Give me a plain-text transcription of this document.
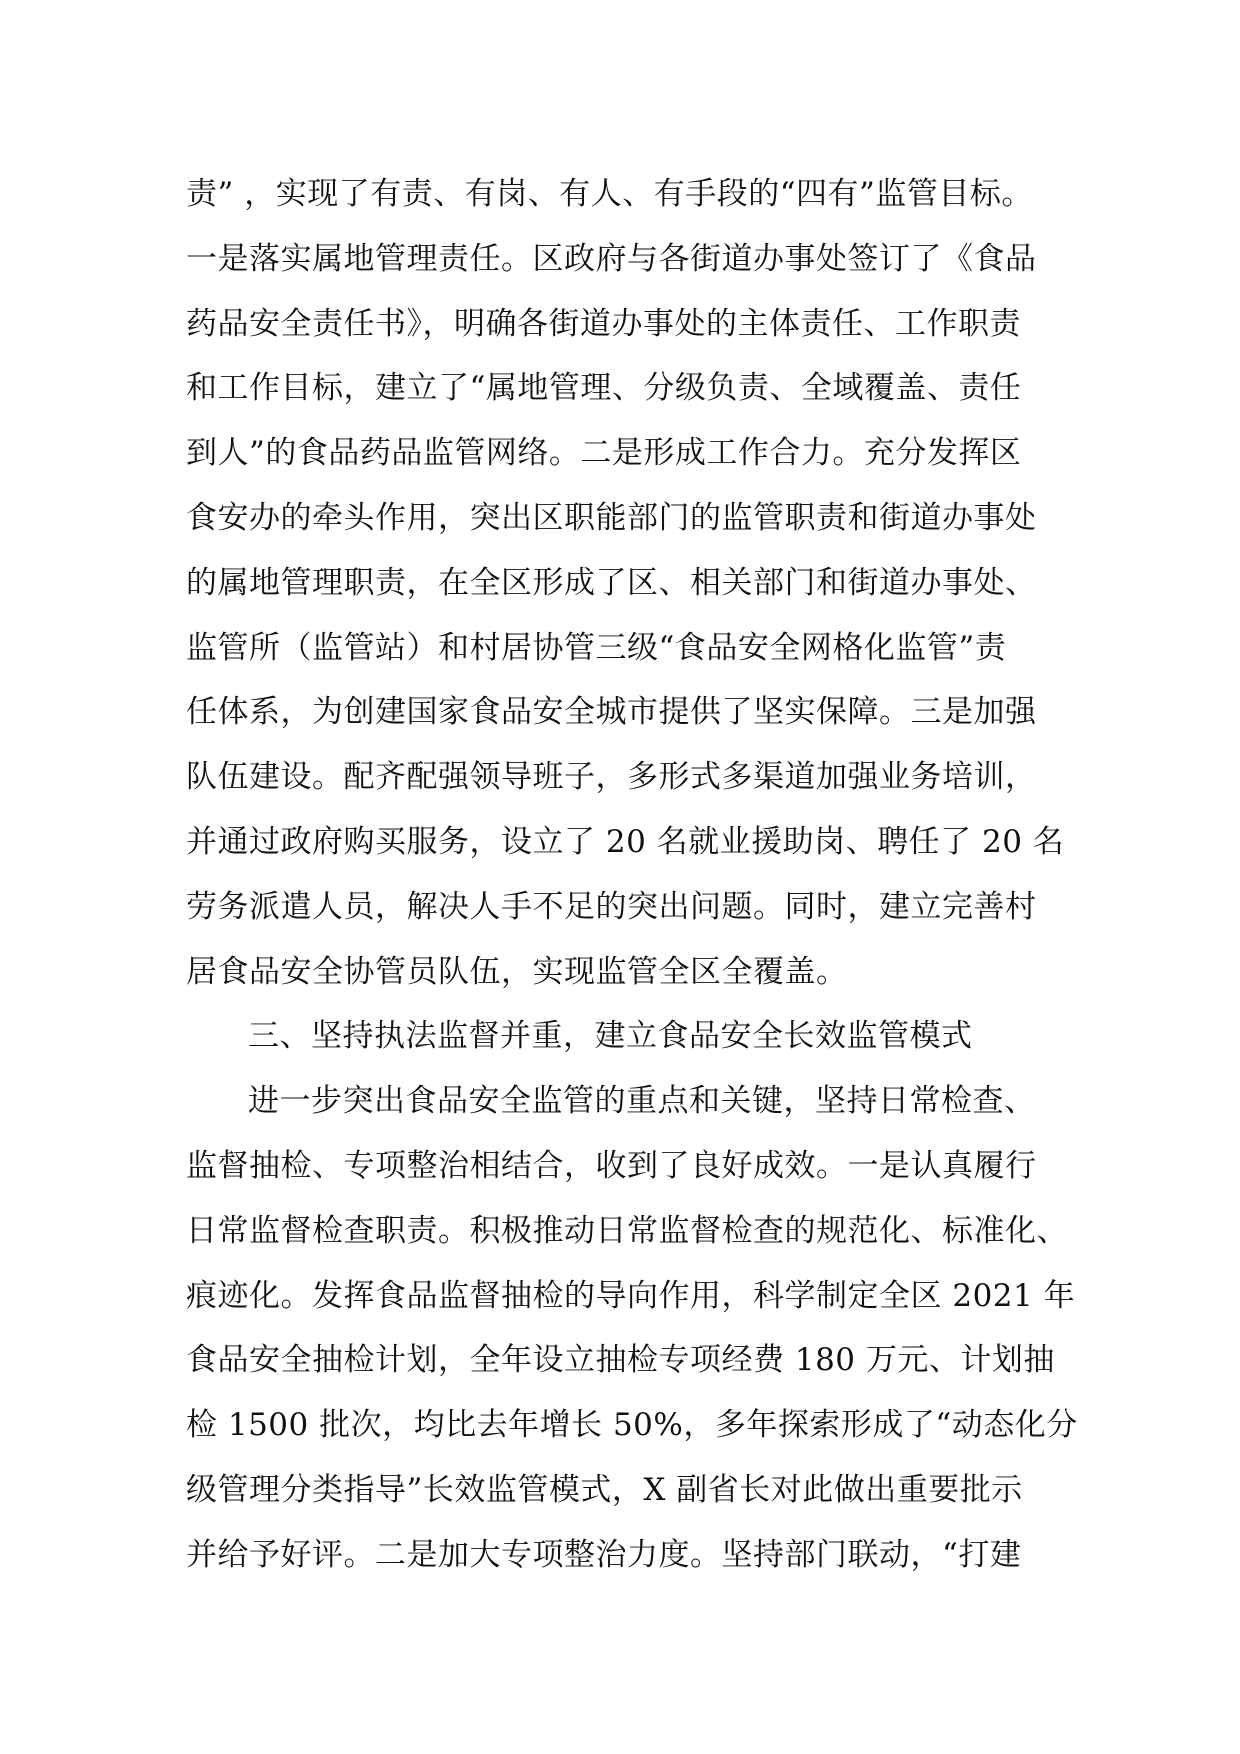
责” ，实现了有责、有岗、有人、有手段的“四有”监管目标。
一是落实属地管理责任。区政府与各街道办事处签订了《食品
药品安全责任书》，明确各街道办事处的主体责任、工作职责
和工作目标，建立了“属地管理、分级负责、全域覆盖、责任
到人”的食品药品监管网络。二是形成工作合力。充分发挥区
食安办的牵头作用，突出区职能部门的监管职责和街道办事处
的属地管理职责，在全区形成了区、相关部门和街道办事处、
监管所（监管站）和村居协管三级“食品安全网格化监管”责
任体系，为创建国家食品安全城市提供了坚实保障。三是加强
队伍建设。配齐配强领导班子，多形式多渠道加强业务培训，
并通过政府购买服务，设立了 20 名就业援助岗、聘任了 20 名
劳务派遣人员，解决人手不足的突出问题。同时，建立完善村
居食品安全协管员队伍，实现监管全区全覆盖。
三、坚持执法监督并重，建立食品安全长效监管模式
进一步突出食品安全监管的重点和关键，坚持日常检查、
监督抽检、专项整治相结合，收到了良好成效。一是认真履行
日常监督检查职责。积极推动日常监督检查的规范化、标准化、
痕迹化。发挥食品监督抽检的导向作用，科学制定全区 2021 年
食品安全抽检计划，全年设立抽检专项经费 180 万元、计划抽
检 1500 批次，均比去年增长 50%，多年探索形成了“动态化分
级管理分类指导”长效监管模式，X 副省长对此做出重要批示
并给予好评。二是加大专项整治力度。坚持部门联动，“打建
